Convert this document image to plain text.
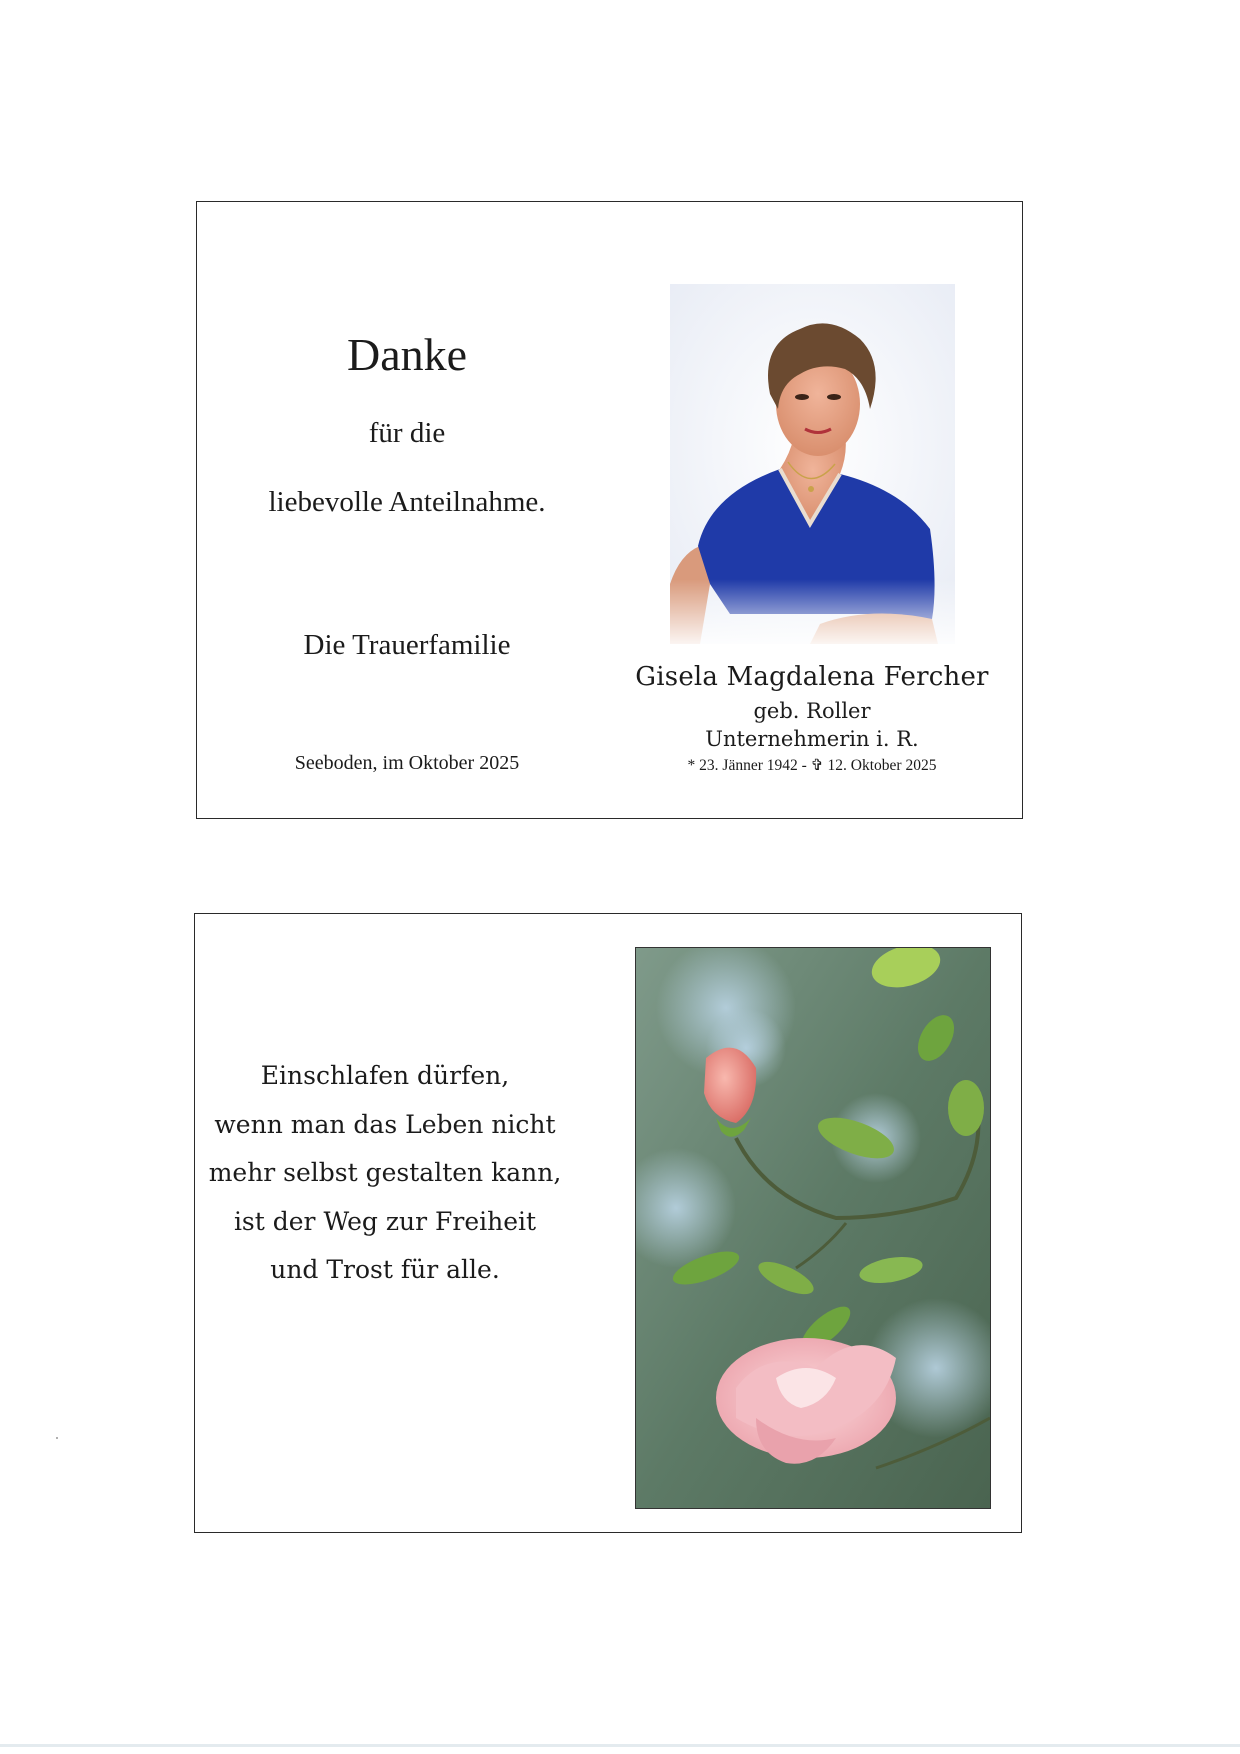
Danke
für die
liebevolle Anteilnahme.
Die Trauerfamilie
Seeboden, im Oktober 2025
Gisela Magdalena Fercher
geb. Roller
Unternehmerin i. R.
* 23. Jänner 1942 - ✞ 12. Oktober 2025
Einschlafen dürfen,
wenn man das Leben nicht
mehr selbst gestalten kann,
ist der Weg zur Freiheit
und Trost für alle.
